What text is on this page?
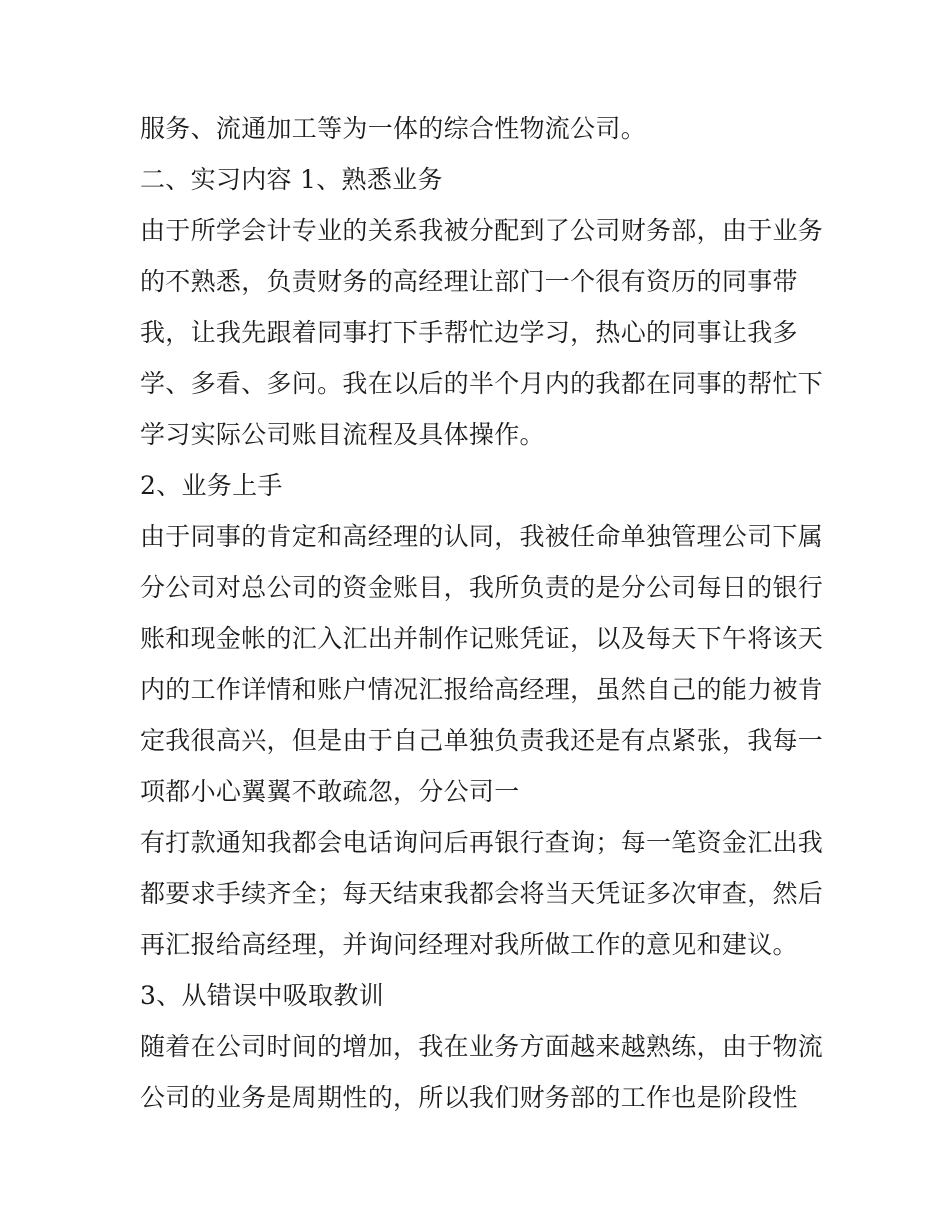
服务、流通加工等为一体的综合性物流公司。
二、实习内容 1、熟悉业务
由于所学会计专业的关系我被分配到了公司财务部，由于业务
的不熟悉，负责财务的高经理让部门一个很有资历的同事带
我，让我先跟着同事打下手帮忙边学习，热心的同事让我多
学、多看、多问。我在以后的半个月内的我都在同事的帮忙下
学习实际公司账目流程及具体操作。
2、业务上手
由于同事的肯定和高经理的认同，我被任命单独管理公司下属
分公司对总公司的资金账目，我所负责的是分公司每日的银行
账和现金帐的汇入汇出并制作记账凭证，以及每天下午将该天
内的工作详情和账户情况汇报给高经理，虽然自己的能力被肯
定我很高兴，但是由于自己单独负责我还是有点紧张，我每一
项都小心翼翼不敢疏忽，分公司一
有打款通知我都会电话询问后再银行查询；每一笔资金汇出我
都要求手续齐全；每天结束我都会将当天凭证多次审查，然后
再汇报给高经理，并询问经理对我所做工作的意见和建议。
3、从错误中吸取教训
随着在公司时间的增加，我在业务方面越来越熟练，由于物流
公司的业务是周期性的，所以我们财务部的工作也是阶段性
